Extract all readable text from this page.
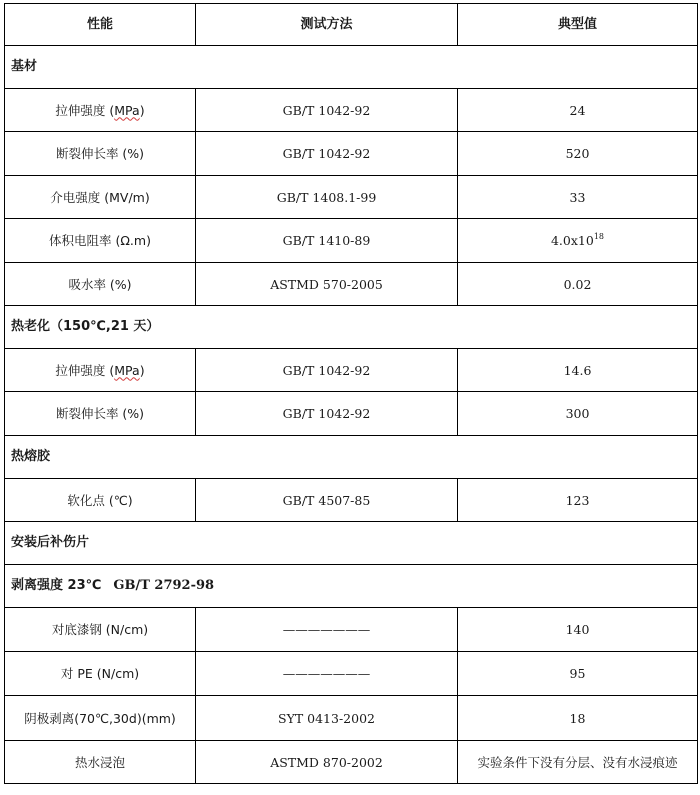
性能	测试方法	典型值
基材		
拉伸强度 (MPa)	GB/T 1042-92	24
断裂伸长率 (%)	GB/T 1042-92	520
介电强度 (MV/m)	GB/T 1408.1-99	33
体积电阻率 (Ω.m)	GB/T 1410-89	$4.0x10^{18}$
吸水率 (%)	ASTMD 570-2005	0.02
热老化（150℃,21 天）		
拉伸强度 (MPa)	GB/T 1042-92	14.6
断裂伸长率 (%)	GB/T 1042-92	300
热熔胶		
软化点 (℃)	GB/T 4507-85	123
安装后补伤片		
剥离强度 23℃ GB/T 2792-98		
对底漆钢 (N/cm)	———————	140
对 PE (N/cm)	———————	95
阴极剥离(70℃,30d)(mm)	SYT 0413-2002	18
热水浸泡	ASTMD 870-2002	实验条件下没有分层、没有水浸痕迹
